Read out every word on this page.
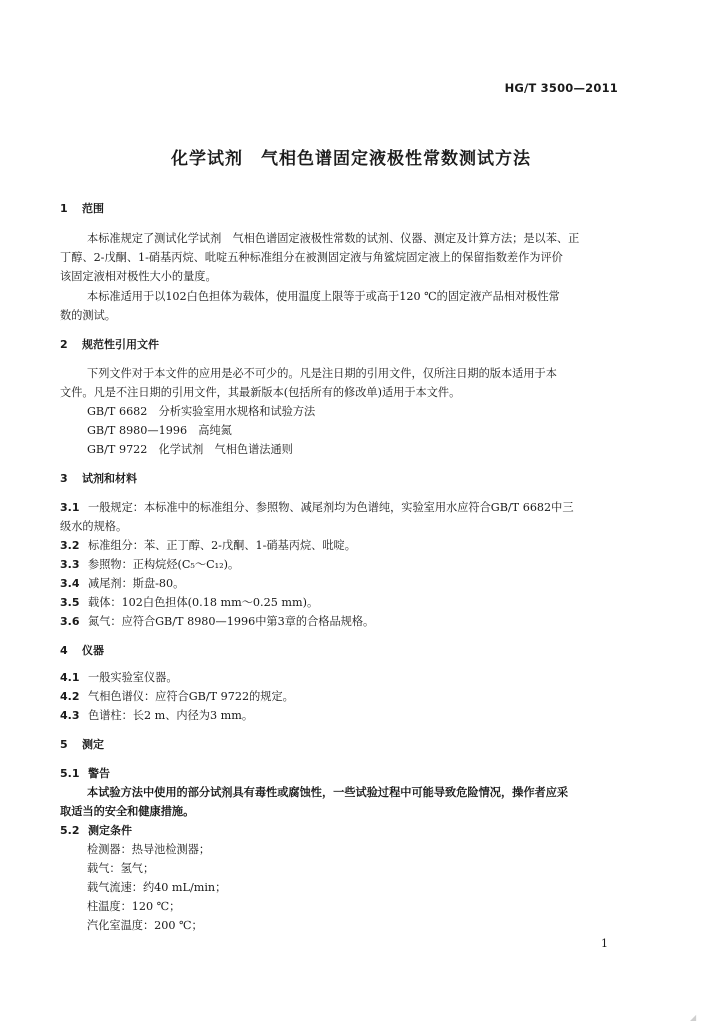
HG/T 3500—2011
化学试剂　气相色谱固定液极性常数测试方法
1 范围
本标准规定了测试化学试剂　气相色谱固定液极性常数的试剂、仪器、测定及计算方法；是以苯、正
丁醇、2-戊酮、1-硝基丙烷、吡啶五种标准组分在被测固定液与角鲨烷固定液上的保留指数差作为评价
该固定液相对极性大小的量度。
本标准适用于以102白色担体为载体，使用温度上限等于或高于120 ℃的固定液产品相对极性常
数的测试。
2 规范性引用文件
下列文件对于本文件的应用是必不可少的。凡是注日期的引用文件，仅所注日期的版本适用于本
文件。凡是不注日期的引用文件，其最新版本(包括所有的修改单)适用于本文件。
GB/T 6682　分析实验室用水规格和试验方法
GB/T 8980—1996　高纯氮
GB/T 9722　化学试剂　气相色谱法通则
3 试剂和材料
3.1 一般规定：本标准中的标准组分、参照物、减尾剂均为色谱纯，实验室用水应符合GB/T 6682中三
级水的规格。
3.2 标准组分：苯、正丁醇、2-戊酮、1-硝基丙烷、吡啶。
3.3 参照物：正构烷烃(C₅～C₁₂)。
3.4 减尾剂：斯盘-80。
3.5 载体：102白色担体(0.18 mm～0.25 mm)。
3.6 氮气：应符合GB/T 8980—1996中第3章的合格品规格。
4 仪器
4.1 一般实验室仪器。
4.2 气相色谱仪：应符合GB/T 9722的规定。
4.3 色谱柱：长2 m、内径为3 mm。
5 测定
5.1 警告
本试验方法中使用的部分试剂具有毒性或腐蚀性，一些试验过程中可能导致危险情况，操作者应采
取适当的安全和健康措施。
5.2 测定条件
检测器：热导池检测器；
载气：氢气；
载气流速：约40 mL/min；
柱温度：120 ℃；
汽化室温度：200 ℃；
1
◢
